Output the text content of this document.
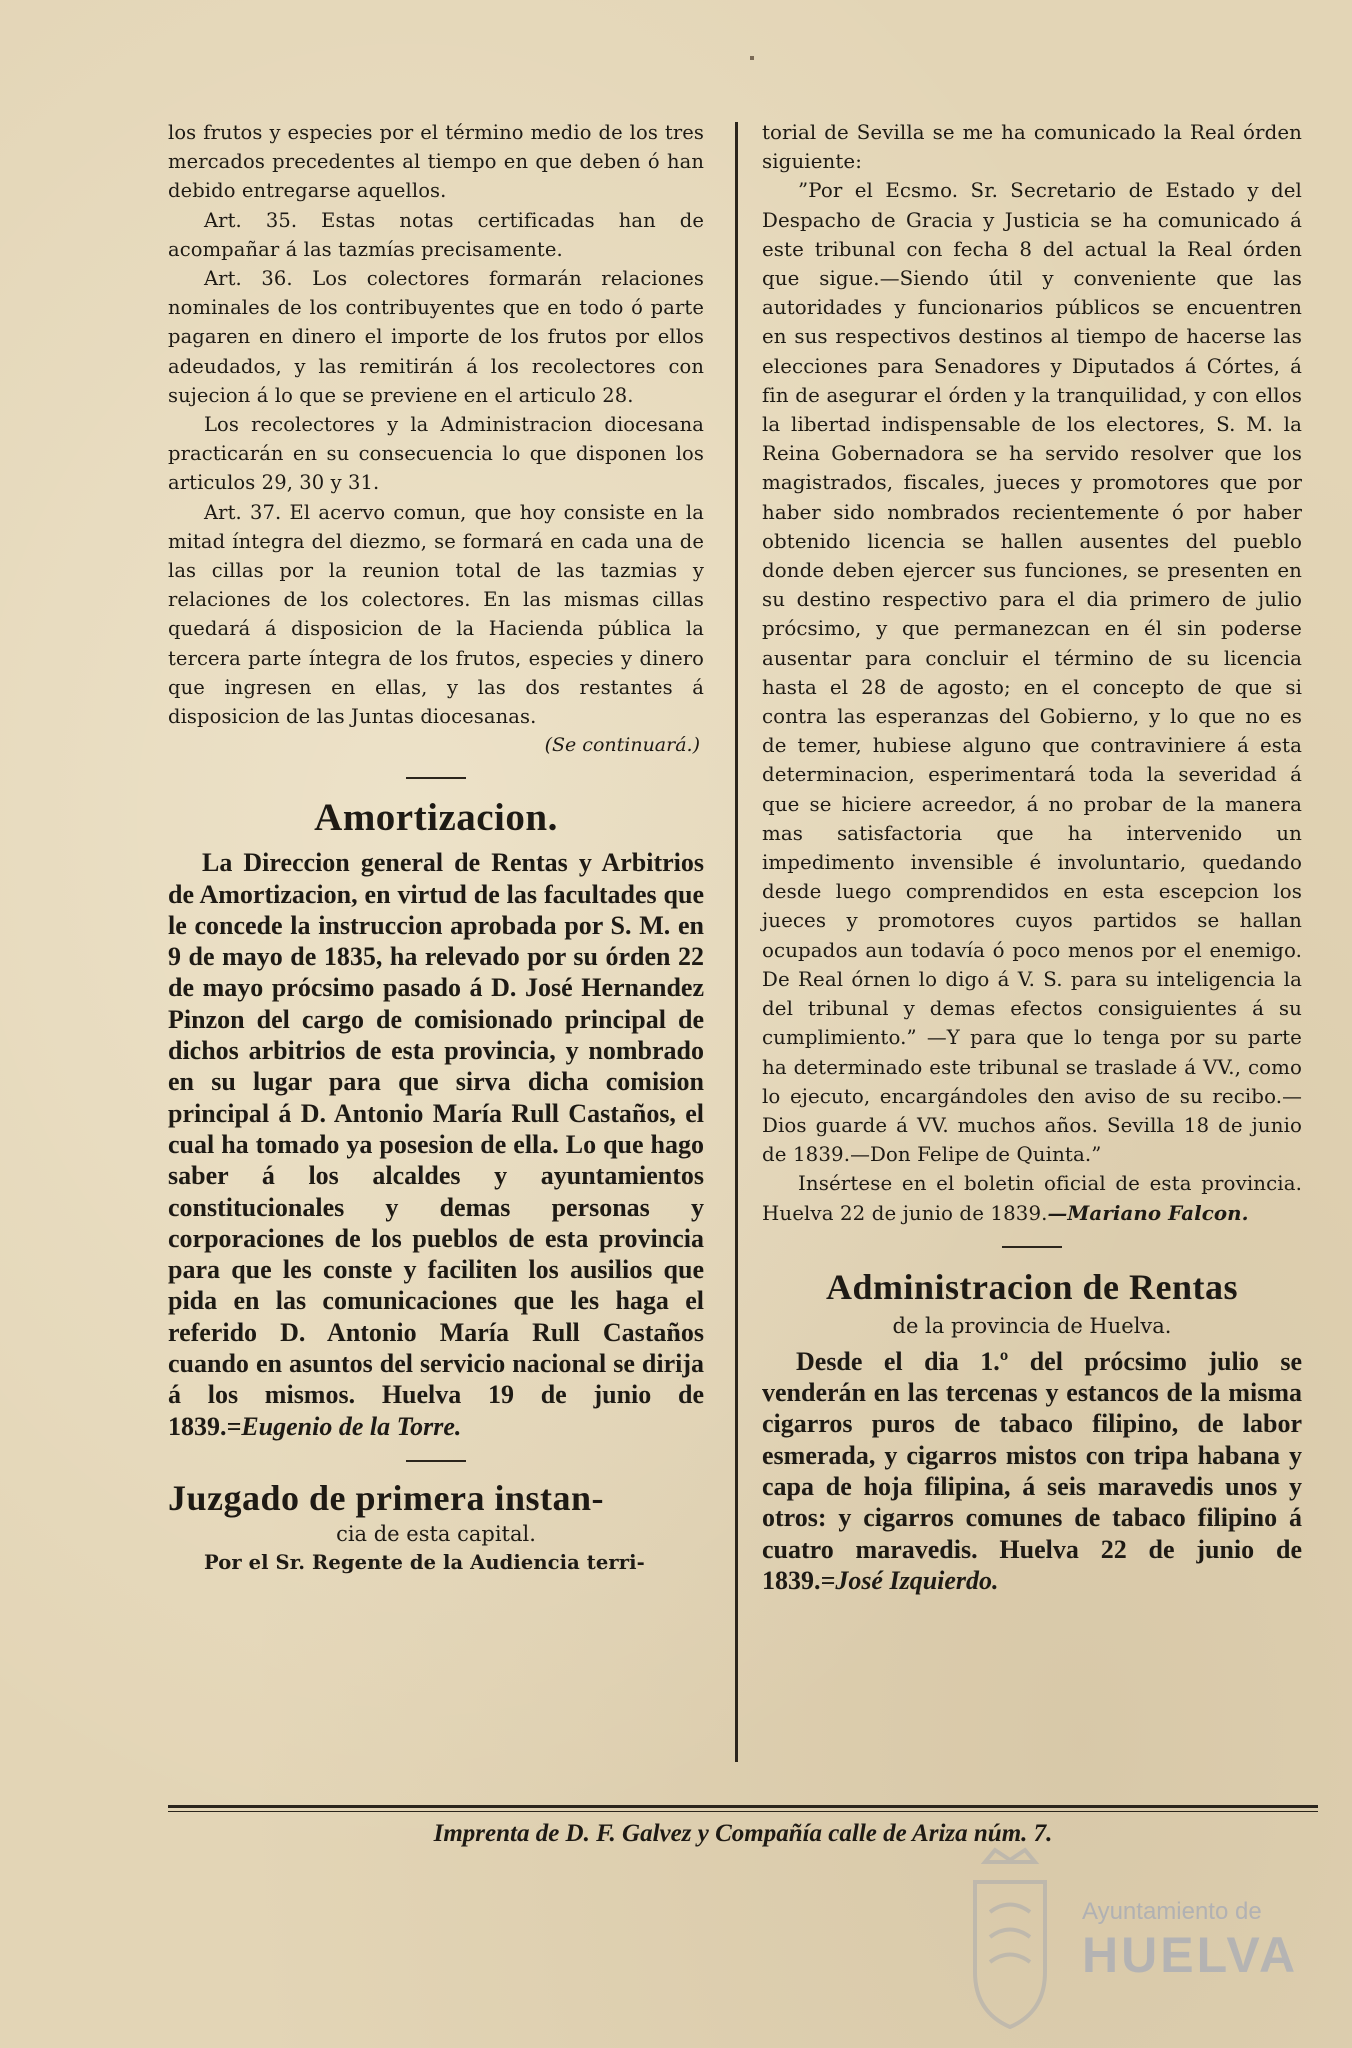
los frutos y especies por el término medio de los tres mercados precedentes al tiempo en que deben ó han debido entregarse aquellos.

Art. 35. Estas notas certificadas han de acompañar á las tazmías precisamente.

Art. 36. Los colectores formarán relaciones nominales de los contribuyentes que en todo ó parte pagaren en dinero el importe de los frutos por ellos adeudados, y las remitirán á los recolectores con sujecion á lo que se previene en el articulo 28.

Los recolectores y la Administracion diocesana practicarán en su consecuencia lo que disponen los articulos 29, 30 y 31.

Art. 37. El acervo comun, que hoy consiste en la mitad íntegra del diezmo, se formará en cada una de las cillas por la reunion total de las tazmias y relaciones de los colectores. En las mismas cillas quedará á disposicion de la Hacienda pública la tercera parte íntegra de los frutos, especies y dinero que ingresen en ellas, y las dos restantes á disposicion de las Juntas diocesanas.

(Se continuará.)

Amortizacion.

La Direccion general de Rentas y Arbitrios de Amortizacion, en virtud de las facultades que le concede la instruccion aprobada por S. M. en 9 de mayo de 1835, ha relevado por su órden 22 de mayo prócsimo pasado á D. José Hernandez Pinzon del cargo de comisionado principal de dichos arbitrios de esta provincia, y nombrado en su lugar para que sirva dicha comision principal á D. Antonio María Rull Castaños, el cual ha tomado ya posesion de ella. Lo que hago saber á los alcaldes y ayuntamientos constitucionales y demas personas y corporaciones de los pueblos de esta provincia para que les conste y faciliten los ausilios que pida en las comunicaciones que les haga el referido D. Antonio María Rull Castaños cuando en asuntos del servicio nacional se dirija á los mismos. Huelva 19 de junio de 1839.=Eugenio de la Torre.

Juzgado de primera instan-

cia de esta capital.

Por el Sr. Regente de la Audiencia terri-

torial de Sevilla se me ha comunicado la Real órden siguiente:

”Por el Ecsmo. Sr. Secretario de Estado y del Despacho de Gracia y Justicia se ha comunicado á este tribunal con fecha 8 del actual la Real órden que sigue.—Siendo útil y conveniente que las autoridades y funcionarios públicos se encuentren en sus respectivos destinos al tiempo de hacerse las elecciones para Senadores y Diputados á Córtes, á fin de asegurar el órden y la tranquilidad, y con ellos la libertad indispensable de los electores, S. M. la Reina Gobernadora se ha servido resolver que los magistrados, fiscales, jueces y promotores que por haber sido nombrados recientemente ó por haber obtenido licencia se hallen ausentes del pueblo donde deben ejercer sus funciones, se presenten en su destino respectivo para el dia primero de julio prócsimo, y que permanezcan en él sin poderse ausentar para concluir el término de su licencia hasta el 28 de agosto; en el concepto de que si contra las esperanzas del Gobierno, y lo que no es de temer, hubiese alguno que contraviniere á esta determinacion, esperimentará toda la severidad á que se hiciere acreedor, á no probar de la manera mas satisfactoria que ha intervenido un impedimento invensible é involuntario, quedando desde luego comprendidos en esta escepcion los jueces y promotores cuyos partidos se hallan ocupados aun todavía ó poco menos por el enemigo. De Real órnen lo digo á V. S. para su inteligencia la del tribunal y demas efectos consiguientes á su cumplimiento.” —Y para que lo tenga por su parte ha determinado este tribunal se traslade á VV., como lo ejecuto, encargándoles den aviso de su recibo.—Dios guarde á VV. muchos años. Sevilla 18 de junio de 1839.—Don Felipe de Quinta.”

Insértese en el boletin oficial de esta provincia. Huelva 22 de junio de 1839.—Mariano Falcon.

Administracion de Rentas

de la provincia de Huelva.

Desde el dia 1.º del prócsimo julio se venderán en las tercenas y estancos de la misma cigarros puros de tabaco filipino, de labor esmerada, y cigarros mistos con tripa habana y capa de hoja filipina, á seis maravedis unos y otros: y cigarros comunes de tabaco filipino á cuatro maravedis. Huelva 22 de junio de 1839.=José Izquierdo.

Imprenta de D. F. Galvez y Compañía calle de Ariza núm. 7.

Ayuntamiento de
HUELVA
